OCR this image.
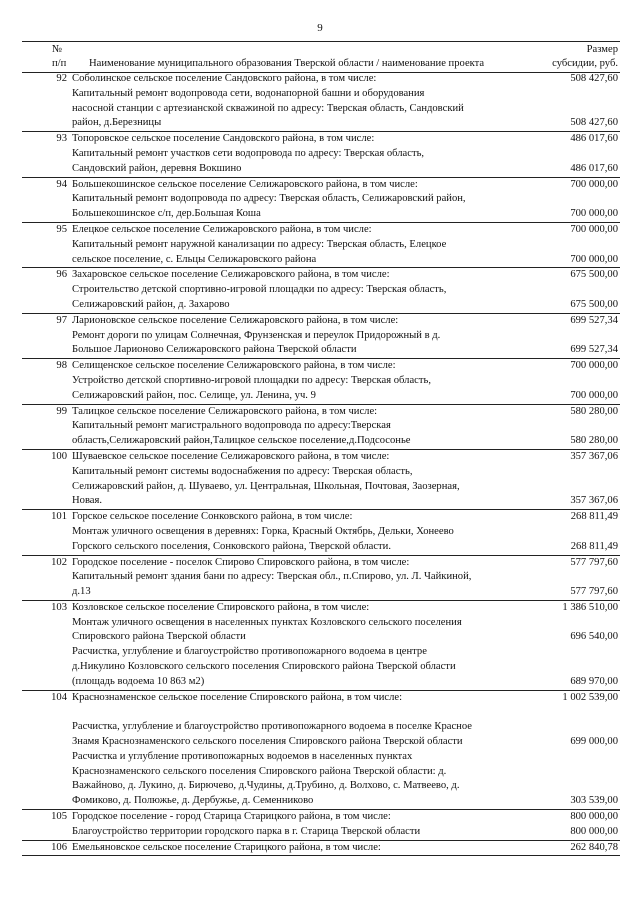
9
№
п/п Наименование муниципального образования Тверской области / наименование проекта
Размер
субсидии, руб.
92 Соболинское сельское поселение Сандовского района, в том числе:	508 427,60
Капитальный ремонт водопровода сети, водонапорной башни и оборудования
насосной станции с артезианской скважиной по адресу: Тверская область, Сандовский
район, д.Березницы	508 427,60
93 Топоровское сельское поселение Сандовского района, в том числе:	486 017,60
Капитальный ремонт участков сети водопровода по адресу: Тверская область,
Сандовский район, деревня Вокшино	486 017,60
94 Большекошинское сельское поселение Селижаровского района, в том числе:	700 000,00
Капитальный ремонт водопровода по адресу: Тверская область, Селижаровский район,
Большекошинское с/п, дер.Большая Коша	700 000,00
95 Елецкое сельское поселение Селижаровского района, в том числе:	700 000,00
Капитальный ремонт наружной канализации по адресу: Тверская область, Елецкое
сельское поселение, с. Ельцы Селижаровского района	700 000,00
96 Захаровское сельское поселение Селижаровского района, в том числе:	675 500,00
Строительство детской спортивно-игровой площадки по адресу: Тверская область,
Селижаровский район, д. Захарово	675 500,00
97 Ларионовское сельское поселение Селижаровского района, в том числе:	699 527,34
Ремонт дороги по улицам Солнечная, Фрунзенская и переулок Придорожный в д.
Большое Ларионово Селижаровского района Тверской области	699 527,34
98 Селищенское сельское поселение Селижаровского района, в том числе:	700 000,00
Устройство детской спортивно-игровой площадки по адресу: Тверская область,
Селижаровский район, пос. Селище, ул. Ленина, уч. 9	700 000,00
99 Талицкое сельское поселение Селижаровского района, в том числе:	580 280,00
Капитальный ремонт магистрального водопровода по адресу:Тверская
область,Селижаровский район,Талицкое сельское поселение,д.Подсосонье	580 280,00
100 Шуваевское сельское поселение Селижаровского района, в том числе:	357 367,06
Капитальный ремонт системы водоснабжения по адресу: Тверская область,
Селижаровский район, д. Шуваево, ул. Центральная, Школьная, Почтовая, Заозерная,
Новая.	357 367,06
101 Горское сельское поселение Сонковского района, в том числе:	268 811,49
Монтаж уличного освещения в деревнях: Горка, Красный Октябрь, Дельки, Хонеево
Горского сельского поселения, Сонковского района, Тверской области.	268 811,49
102 Городское поселение - поселок Спирово Спировского района, в том числе:	577 797,60
Капитальный ремонт здания бани по адресу: Тверская обл., п.Спирово, ул. Л. Чайкиной,
д.13	577 797,60
103 Козловское сельское поселение Спировского района, в том числе:	1 386 510,00
Монтаж уличного освещения в населенных пунктах Козловского сельского поселения
Спировского района Тверской области	696 540,00
Расчистка, углубление и благоустройство противопожарного водоема в центре
д.Никулино Козловского сельского поселения Спировского района Тверской области
(площадь водоема 10 863 м2)	689 970,00
104 Краснознаменское сельское поселение Спировского района, в том числе:	1 002 539,00
Расчистка, углубление и благоустройство противопожарного водоема в поселке Красное
Знамя Краснознаменского сельского поселения Спировского района Тверской области	699 000,00
Расчистка и углубление противопожарных водоемов в населенных пунктах
Краснознаменского сельского поселения Спировского района Тверской области: д.
Важайново, д. Лукино, д. Бирючево, д.Чудины, д.Трубино, д. Волхово, с. Матвеево, д.
Фомиково, д. Полюжье, д. Дербужье, д. Семенниково	303 539,00
105 Городское поселение - город Старица Старицкого района, в том числе:	800 000,00
Благоустройство территории городского парка в г. Старица Тверской области	800 000,00
106 Емельяновское сельское поселение Старицкого района, в том числе:	262 840,78
